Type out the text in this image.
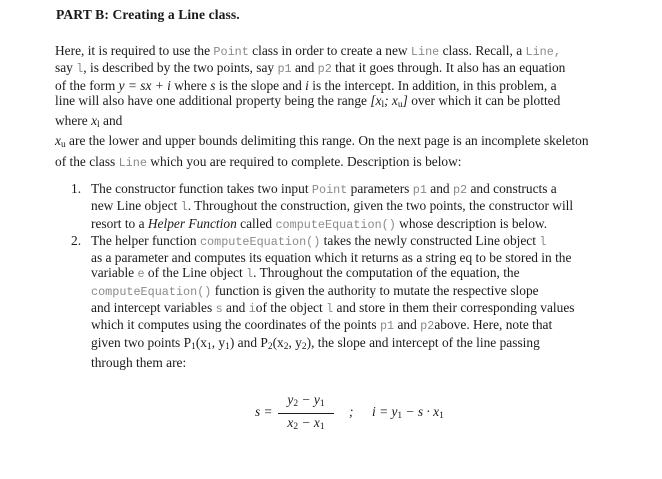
PART B: Creating a Line class.
Here, it is required to use the Point class in order to create a new Line class. Recall, a Line,
say l, is described by the two points, say p1 and p2 that it goes through. It also has an equation
of the form y = sx + i where s is the slope and i is the intercept. In addition, in this problem, a
line will also have one additional property being the range [$x_l$; $x_u$] over which it can be plotted
where $x_l$ and
$x_u$ are the lower and upper bounds delimiting this range. On the next page is an incomplete skeleton
of the class Line which you are required to complete. Description is below:
1. The constructor function takes two input Point parameters p1 and p2 and constructs a
new Line object l. Throughout the construction, given the two points, the constructor will
resort to a Helper Function called computeEquation() whose description is below.
2. The helper function computeEquation() takes the newly constructed Line object l
as a parameter and computes its equation which it returns as a string eq to be stored in the
variable e of the Line object l. Throughout the computation of the equation, the
computeEquation() function is given the authority to mutate the respective slope
and intercept variables s and iof the object l and store in them their corresponding values
which it computes using the coordinates of the points p1 and p2above. Here, note that
given two points $P_1(x_1$, $y_1$) and $P_2(x_2$, $y_2$), the slope and intercept of the line passing
through them are:
s =
$y_2 - y_1$
$x_2 - x_1$
; $i = y_1 - s \cdot x_1$
